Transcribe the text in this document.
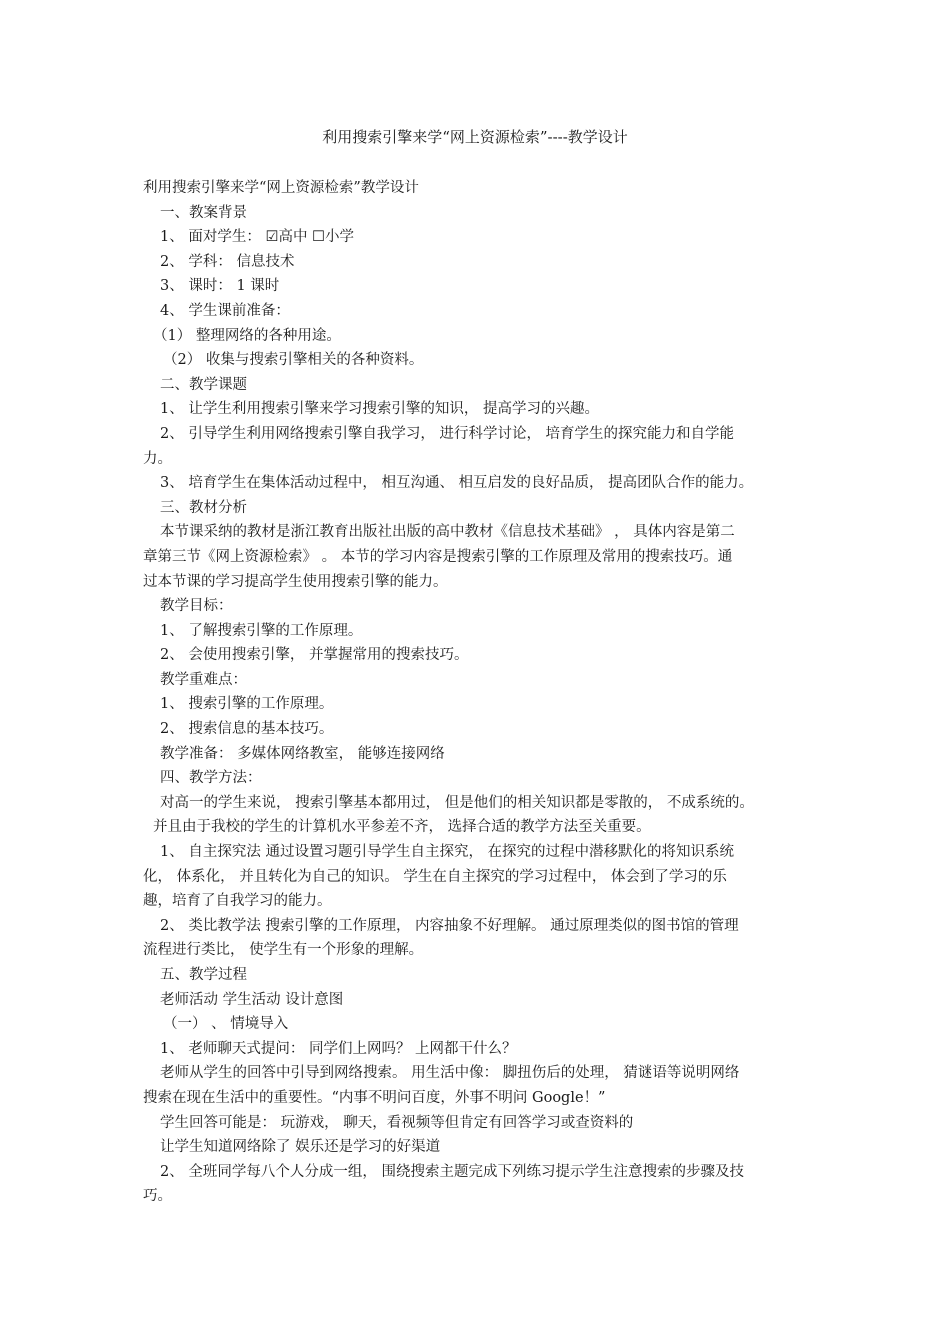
利用搜索引擎来学“网上资源检索”----教学设计
利用搜索引擎来学“网上资源检索”教学设计
一、教案背景
1、 面对学生： ☑高中 ☐小学
2、 学科： 信息技术
3、 课时： 1 课时
4、 学生课前准备：
（1） 整理网络的各种用途。
（2） 收集与搜索引擎相关的各种资料。
二、教学课题
1、 让学生利用搜索引擎来学习搜索引擎的知识， 提高学习的兴趣。
2、 引导学生利用网络搜索引擎自我学习， 进行科学讨论， 培育学生的探究能力和自学能
力。
3、 培育学生在集体活动过程中， 相互沟通、 相互启发的良好品质， 提高团队合作的能力。
三、教材分析
本节课采纳的教材是浙江教育出版社出版的高中教材《信息技术基础》 ， 具体内容是第二
章第三节《网上资源检索》 。 本节的学习内容是搜索引擎的工作原理及常用的搜索技巧。通
过本节课的学习提高学生使用搜索引擎的能力。
教学目标：
1、 了解搜索引擎的工作原理。
2、 会使用搜索引擎， 并掌握常用的搜索技巧。
教学重难点：
1、 搜索引擎的工作原理。
2、 搜索信息的基本技巧。
教学准备： 多媒体网络教室， 能够连接网络
四、教学方法：
对高一的学生来说， 搜索引擎基本都用过， 但是他们的相关知识都是零散的， 不成系统的。
并且由于我校的学生的计算机水平参差不齐， 选择合适的教学方法至关重要。
1、 自主探究法 通过设置习题引导学生自主探究， 在探究的过程中潜移默化的将知识系统
化， 体系化， 并且转化为自己的知识。 学生在自主探究的学习过程中， 体会到了学习的乐
趣，培育了自我学习的能力。
2、 类比教学法 搜索引擎的工作原理， 内容抽象不好理解。 通过原理类似的图书馆的管理
流程进行类比， 使学生有一个形象的理解。
五、教学过程
老师活动 学生活动 设计意图
（一） 、 情境导入
1、 老师聊天式提问： 同学们上网吗？ 上网都干什么？
老师从学生的回答中引导到网络搜索。 用生活中像： 脚扭伤后的处理， 猜谜语等说明网络
搜索在现在生活中的重要性。“内事不明问百度，外事不明问 Google！”
学生回答可能是： 玩游戏， 聊天，看视频等但肯定有回答学习或查资料的
让学生知道网络除了 娱乐还是学习的好渠道
2、 全班同学每八个人分成一组， 围绕搜索主题完成下列练习提示学生注意搜索的步骤及技
巧。
